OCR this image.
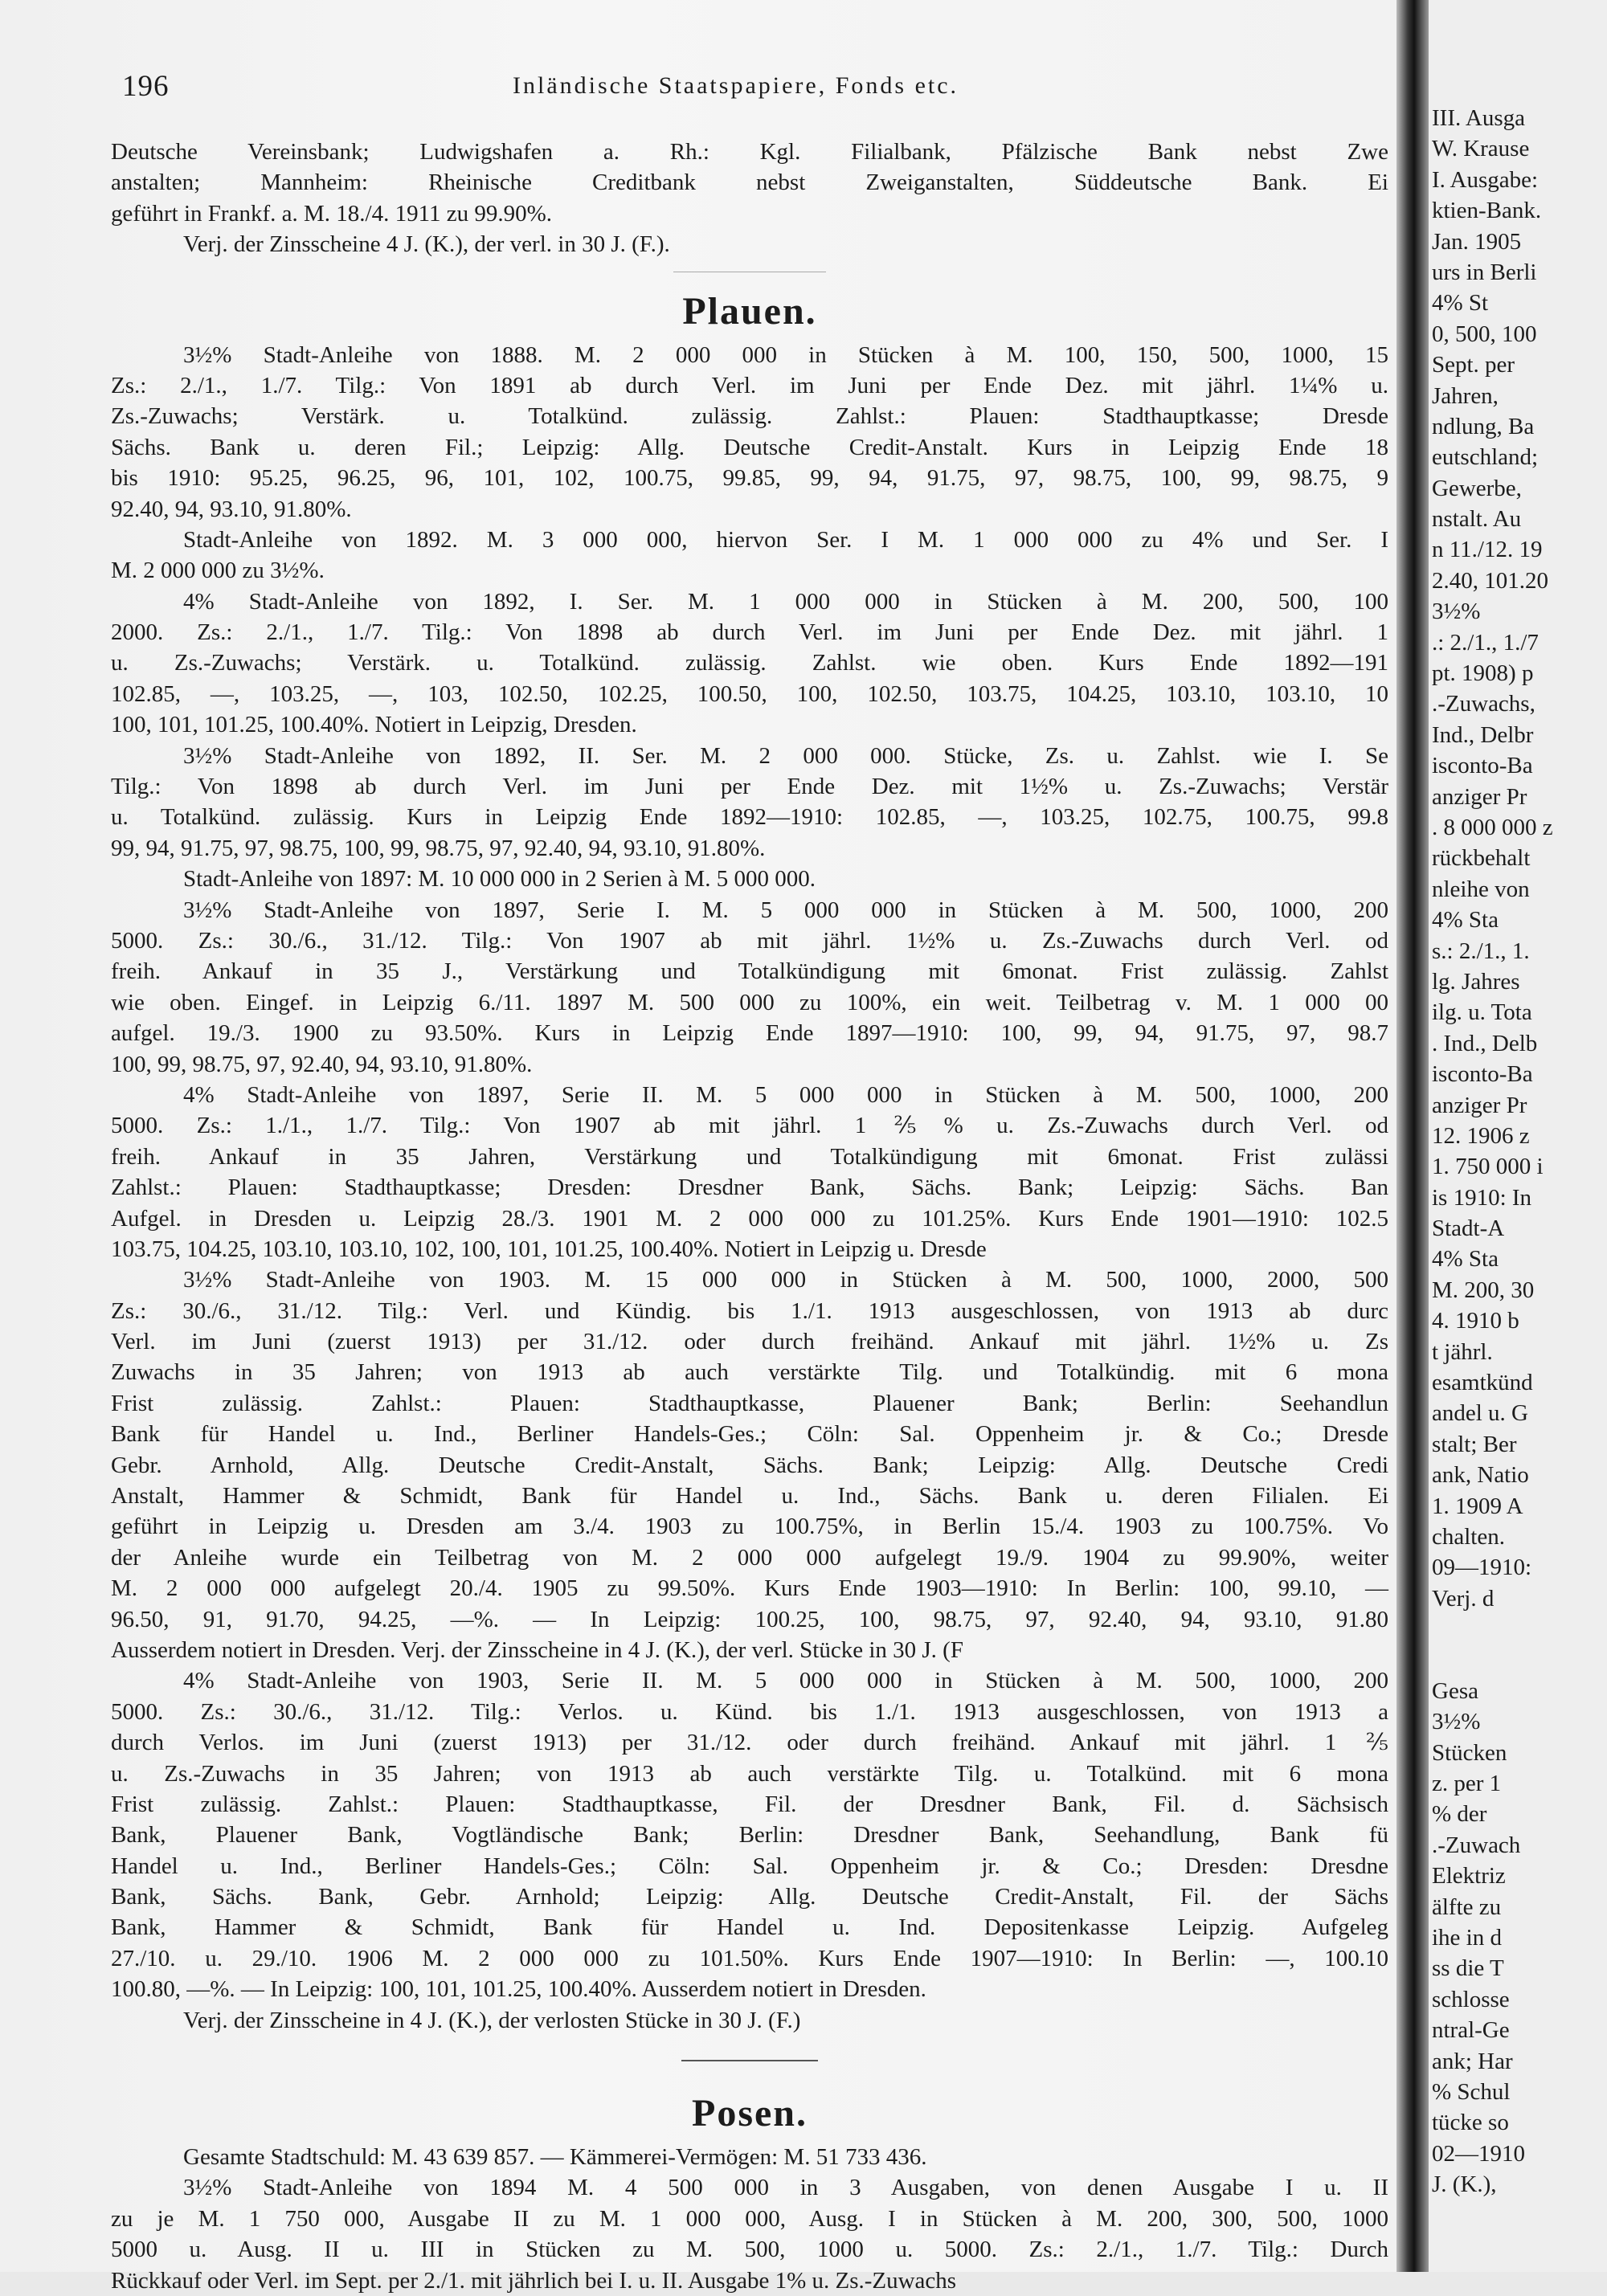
196	Inländische Staatspapiere, Fonds etc.
Deutsche Vereinsbank; Ludwigshafen a. Rh.: Kgl. Filialbank, Pfälzische Bank nebst Zwe
anstalten; Mannheim: Rheinische Creditbank nebst Zweiganstalten, Süddeutsche Bank. Ei
geführt in Frankf. a. M. 18./4. 1911 zu 99.90%.
Verj. der Zinsscheine 4 J. (K.), der verl. in 30 J. (F.).
Plauen.
3½% Stadt-Anleihe von 1888. M. 2 000 000 in Stücken à M. 100, 150, 500, 1000, 15
Zs.: 2./1., 1./7. Tilg.: Von 1891 ab durch Verl. im Juni per Ende Dez. mit jährl. 1¼% u.
Zs.-Zuwachs; Verstärk. u. Totalkünd. zulässig. Zahlst.: Plauen: Stadthauptkasse; Dresde
Sächs. Bank u. deren Fil.; Leipzig: Allg. Deutsche Credit-Anstalt. Kurs in Leipzig Ende 18
bis 1910: 95.25, 96.25, 96, 101, 102, 100.75, 99.85, 99, 94, 91.75, 97, 98.75, 100, 99, 98.75, 9
92.40, 94, 93.10, 91.80%.
Stadt-Anleihe von 1892. M. 3 000 000, hiervon Ser. I M. 1 000 000 zu 4% und Ser. I
M. 2 000 000 zu 3½%.
4% Stadt-Anleihe von 1892, I. Ser. M. 1 000 000 in Stücken à M. 200, 500, 100
2000. Zs.: 2./1., 1./7. Tilg.: Von 1898 ab durch Verl. im Juni per Ende Dez. mit jährl. 1
u. Zs.-Zuwachs; Verstärk. u. Totalkünd. zulässig. Zahlst. wie oben. Kurs Ende 1892—191
102.85, —, 103.25, —, 103, 102.50, 102.25, 100.50, 100, 102.50, 103.75, 104.25, 103.10, 103.10, 10
100, 101, 101.25, 100.40%. Notiert in Leipzig, Dresden.
3½% Stadt-Anleihe von 1892, II. Ser. M. 2 000 000. Stücke, Zs. u. Zahlst. wie I. Se
Tilg.: Von 1898 ab durch Verl. im Juni per Ende Dez. mit 1½% u. Zs.-Zuwachs; Verstär
u. Totalkünd. zulässig. Kurs in Leipzig Ende 1892—1910: 102.85, —, 103.25, 102.75, 100.75, 99.8
99, 94, 91.75, 97, 98.75, 100, 99, 98.75, 97, 92.40, 94, 93.10, 91.80%.
Stadt-Anleihe von 1897: M. 10 000 000 in 2 Serien à M. 5 000 000.
3½% Stadt-Anleihe von 1897, Serie I. M. 5 000 000 in Stücken à M. 500, 1000, 200
5000. Zs.: 30./6., 31./12. Tilg.: Von 1907 ab mit jährl. 1½% u. Zs.-Zuwachs durch Verl. od
freih. Ankauf in 35 J., Verstärkung und Totalkündigung mit 6monat. Frist zulässig. Zahlst
wie oben. Eingef. in Leipzig 6./11. 1897 M. 500 000 zu 100%, ein weit. Teilbetrag v. M. 1 000 00
aufgel. 19./3. 1900 zu 93.50%. Kurs in Leipzig Ende 1897—1910: 100, 99, 94, 91.75, 97, 98.7
100, 99, 98.75, 97, 92.40, 94, 93.10, 91.80%.
4% Stadt-Anleihe von 1897, Serie II. M. 5 000 000 in Stücken à M. 500, 1000, 200
5000. Zs.: 1./1., 1./7. Tilg.: Von 1907 ab mit jährl. 1⅖% u. Zs.-Zuwachs durch Verl. od
freih. Ankauf in 35 Jahren, Verstärkung und Totalkündigung mit 6monat. Frist zulässi
Zahlst.: Plauen: Stadthauptkasse; Dresden: Dresdner Bank, Sächs. Bank; Leipzig: Sächs. Ban
Aufgel. in Dresden u. Leipzig 28./3. 1901 M. 2 000 000 zu 101.25%. Kurs Ende 1901—1910: 102.5
103.75, 104.25, 103.10, 103.10, 102, 100, 101, 101.25, 100.40%. Notiert in Leipzig u. Dresde
3½% Stadt-Anleihe von 1903. M. 15 000 000 in Stücken à M. 500, 1000, 2000, 500
Zs.: 30./6., 31./12. Tilg.: Verl. und Kündig. bis 1./1. 1913 ausgeschlossen, von 1913 ab durc
Verl. im Juni (zuerst 1913) per 31./12. oder durch freihänd. Ankauf mit jährl. 1½% u. Zs
Zuwachs in 35 Jahren; von 1913 ab auch verstärkte Tilg. und Totalkündig. mit 6 mona
Frist zulässig. Zahlst.: Plauen: Stadthauptkasse, Plauener Bank; Berlin: Seehandlun
Bank für Handel u. Ind., Berliner Handels-Ges.; Cöln: Sal. Oppenheim jr. & Co.; Dresde
Gebr. Arnhold, Allg. Deutsche Credit-Anstalt, Sächs. Bank; Leipzig: Allg. Deutsche Credi
Anstalt, Hammer & Schmidt, Bank für Handel u. Ind., Sächs. Bank u. deren Filialen. Ei
geführt in Leipzig u. Dresden am 3./4. 1903 zu 100.75%, in Berlin 15./4. 1903 zu 100.75%. Vo
der Anleihe wurde ein Teilbetrag von M. 2 000 000 aufgelegt 19./9. 1904 zu 99.90%, weiter
M. 2 000 000 aufgelegt 20./4. 1905 zu 99.50%. Kurs Ende 1903—1910: In Berlin: 100, 99.10, —
96.50, 91, 91.70, 94.25, —%. — In Leipzig: 100.25, 100, 98.75, 97, 92.40, 94, 93.10, 91.80
Ausserdem notiert in Dresden. Verj. der Zinsscheine in 4 J. (K.), der verl. Stücke in 30 J. (F
4% Stadt-Anleihe von 1903, Serie II. M. 5 000 000 in Stücken à M. 500, 1000, 200
5000. Zs.: 30./6., 31./12. Tilg.: Verlos. u. Künd. bis 1./1. 1913 ausgeschlossen, von 1913 a
durch Verlos. im Juni (zuerst 1913) per 31./12. oder durch freihänd. Ankauf mit jährl. 1⅖
u. Zs.-Zuwachs in 35 Jahren; von 1913 ab auch verstärkte Tilg. u. Totalkünd. mit 6 mona
Frist zulässig. Zahlst.: Plauen: Stadthauptkasse, Fil. der Dresdner Bank, Fil. d. Sächsisch
Bank, Plauener Bank, Vogtländische Bank; Berlin: Dresdner Bank, Seehandlung, Bank fü
Handel u. Ind., Berliner Handels-Ges.; Cöln: Sal. Oppenheim jr. & Co.; Dresden: Dresdne
Bank, Sächs. Bank, Gebr. Arnhold; Leipzig: Allg. Deutsche Credit-Anstalt, Fil. der Sächs
Bank, Hammer & Schmidt, Bank für Handel u. Ind. Depositenkasse Leipzig. Aufgeleg
27./10. u. 29./10. 1906 M. 2 000 000 zu 101.50%. Kurs Ende 1907—1910: In Berlin: —, 100.10
100.80, —%. — In Leipzig: 100, 101, 101.25, 100.40%. Ausserdem notiert in Dresden.
Verj. der Zinsscheine in 4 J. (K.), der verlosten Stücke in 30 J. (F.)
Posen.
Gesamte Stadtschuld: M. 43 639 857. — Kämmerei-Vermögen: M. 51 733 436.
3½% Stadt-Anleihe von 1894 M. 4 500 000 in 3 Ausgaben, von denen Ausgabe I u. II
zu je M. 1 750 000, Ausgabe II zu M. 1 000 000, Ausg. I in Stücken à M. 200, 300, 500, 1000
5000 u. Ausg. II u. III in Stücken zu M. 500, 1000 u. 5000. Zs.: 2./1., 1./7. Tilg.: Durch
Rückkauf oder Verl. im Sept. per 2./1. mit jährlich bei I. u. II. Ausgabe 1% u. Zs.-Zuwachs
III. Ausga
W. Krause
I. Ausgabe:
ktien-Bank.
Jan. 1905
urs in Berli
4% St
0, 500, 100
Sept. per
Jahren,
ndlung, Ba
eutschland;
Gewerbe,
nstalt. Au
n 11./12. 19
2.40, 101.20
3½%
.: 2./1., 1./7
pt. 1908) p
.-Zuwachs,
Ind., Delbr
isconto-Ba
anziger Pr
. 8 000 000 z
rückbehalt
nleihe von
4% Sta
s.: 2./1., 1.
lg. Jahres
ilg. u. Tota
. Ind., Delb
isconto-Ba
anziger Pr
12. 1906 z
1. 750 000 i
is 1910: In
Stadt-A
4% Sta
M. 200, 30
4. 1910 b
t jährl.
esamtkünd
andel u. G
stalt; Ber
ank, Natio
1. 1909 A
chalten.
09—1910:
Verj. d
Gesa
3½%
Stücken
z. per 1
% der
.-Zuwach
Elektriz
älfte zu
ihe in d
ss die T
schlosse
ntral-Ge
ank; Har
% Schul
tücke so
02—1910
J. (K.),
